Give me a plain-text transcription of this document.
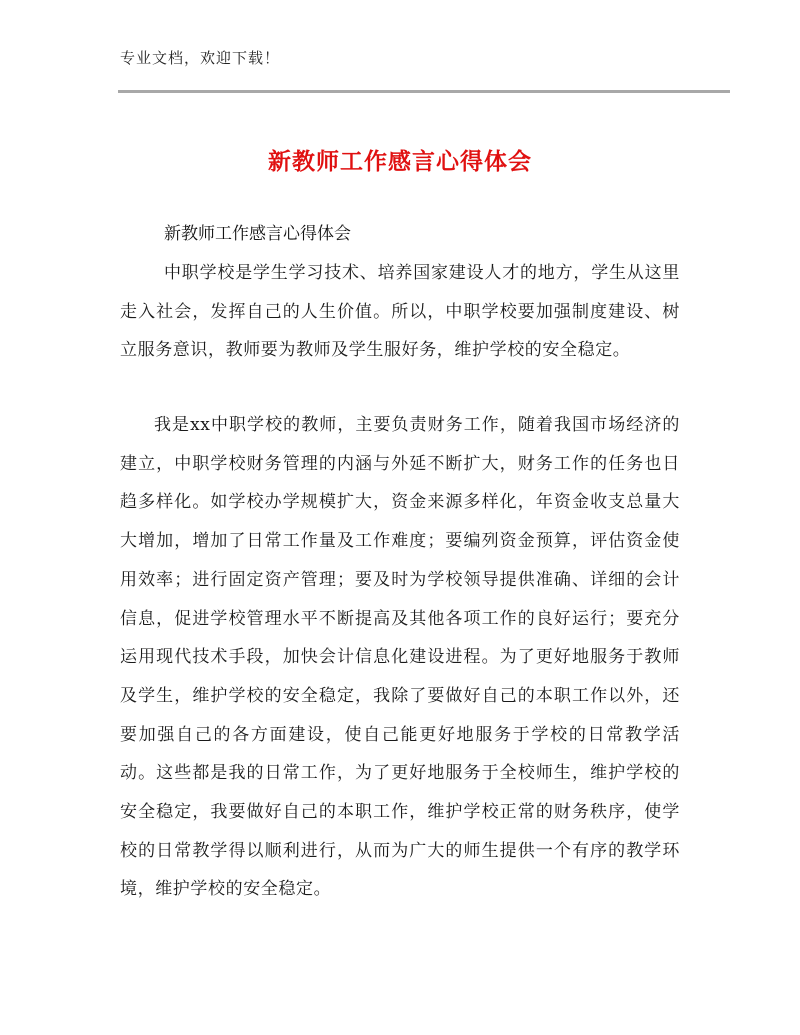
专业文档，欢迎下载！
新教师工作感言心得体会
新教师工作感言心得体会

中职学校是学生学习技术、培养国家建设人才的地方，学生从这里走入社会，发挥自己的人生价值。所以，中职学校要加强制度建设、树立服务意识，教师要为教师及学生服好务，维护学校的安全稳定。

我是xx中职学校的教师，主要负责财务工作，随着我国市场经济的建立，中职学校财务管理的内涵与外延不断扩大，财务工作的任务也日趋多样化。如学校办学规模扩大，资金来源多样化，年资金收支总量大大增加，增加了日常工作量及工作难度；要编列资金预算，评估资金使用效率；进行固定资产管理；要及时为学校领导提供准确、详细的会计信息，促进学校管理水平不断提高及其他各项工作的良好运行；要充分运用现代技术手段，加快会计信息化建设进程。为了更好地服务于教师及学生，维护学校的安全稳定，我除了要做好自己的本职工作以外，还要加强自己的各方面建设，使自己能更好地服务于学校的日常教学活动。这些都是我的日常工作，为了更好地服务于全校师生，维护学校的安全稳定，我要做好自己的本职工作，维护学校正常的财务秩序，使学校的日常教学得以顺利进行，从而为广大的师生提供一个有序的教学环境，维护学校的安全稳定。
